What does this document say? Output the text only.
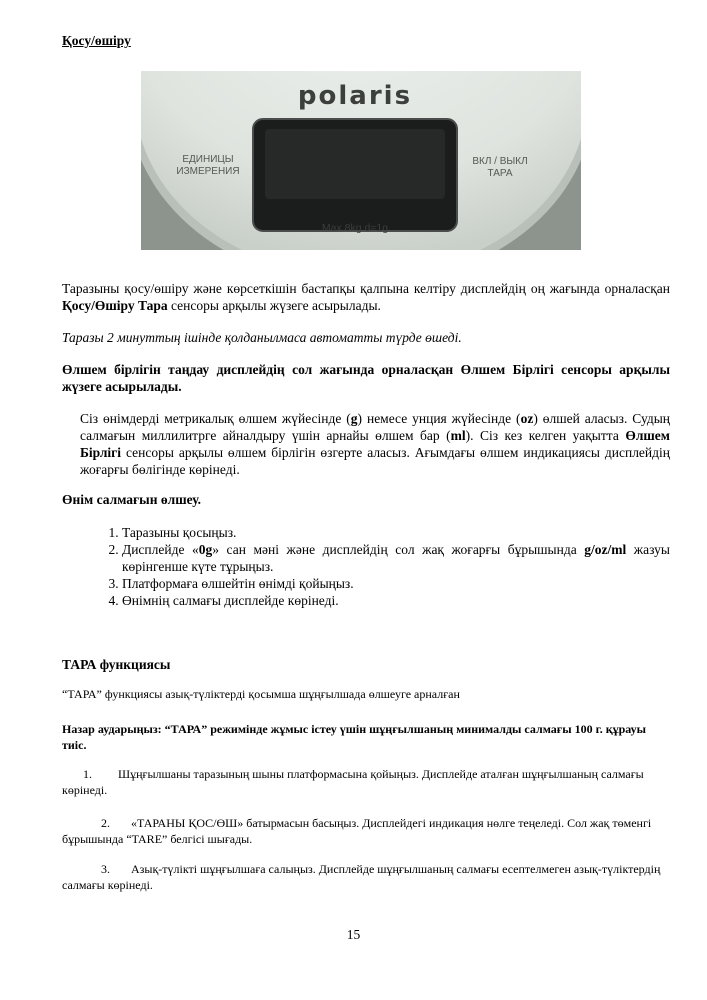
Қосу/өшіру
polaris
ЕДИНИЦЫ
ИЗМЕРЕНИЯ
ВКЛ / ВЫКЛ
ТАРА
Max.8kg d=1g
Таразыны қосу/өшіру және көрсеткішін бастапқы қалпына келтіру дисплейдің оң жағында орналасқан Қосу/Өшіру Тара сенсоры арқылы жүзеге асырылады.
Таразы 2 минуттың ішінде қолданылмаса автоматты түрде өшеді.
Өлшем бірлігін таңдау дисплейдің сол жағында орналасқан Өлшем Бірлігі сенсоры арқылы жүзеге асырылады.
Сіз өнімдерді метрикалық өлшем жүйесінде (g) немесе унция жүйесінде (oz) өлшей аласыз. Судың салмағын миллилитрге айналдыру үшін арнайы өлшем бар (ml). Сіз кез келген уақытта Өлшем Бірлігі сенсоры арқылы өлшем бірлігін өзгерте аласыз. Ағымдағы өлшем индикациясы дисплейдің жоғарғы бөлігінде көрінеді.
Өнім салмағын өлшеу.
1. Таразыны қосыңыз.
2. Дисплейде «0g» сан мәні және дисплейдің сол жақ жоғарғы бұрышында g/oz/ml жазуы көрінгенше күте тұрыңыз.
3. Платформаға өлшейтін өнімді қойыңыз.
4. Өнімнің салмағы дисплейде көрінеді.
ТАРА функциясы
“ТАРА” функциясы азық-түліктерді қосымша шұңғылшада өлшеуге арналған
Назар аударыңыз: “ТАРА” режимінде жұмыс істеу үшін шұңғылшаның минималды салмағы 100 г. құрауы тиіс.
1. Шұңғылшаны таразының шыны платформасына қойыңыз. Дисплейде аталған шұңғылшаның салмағы көрінеді.
2. «ТАРАНЫ ҚОС/ӨШ» батырмасын басыңыз. Дисплейдегі индикация нөлге теңеледі. Сол жақ төменгі бұрышында “TARE” белгісі шығады.
3. Азық-түлікті шұңғылшаға салыңыз. Дисплейде шұңғылшаның салмағы есептелмеген азық-түліктердің салмағы көрінеді.
15
